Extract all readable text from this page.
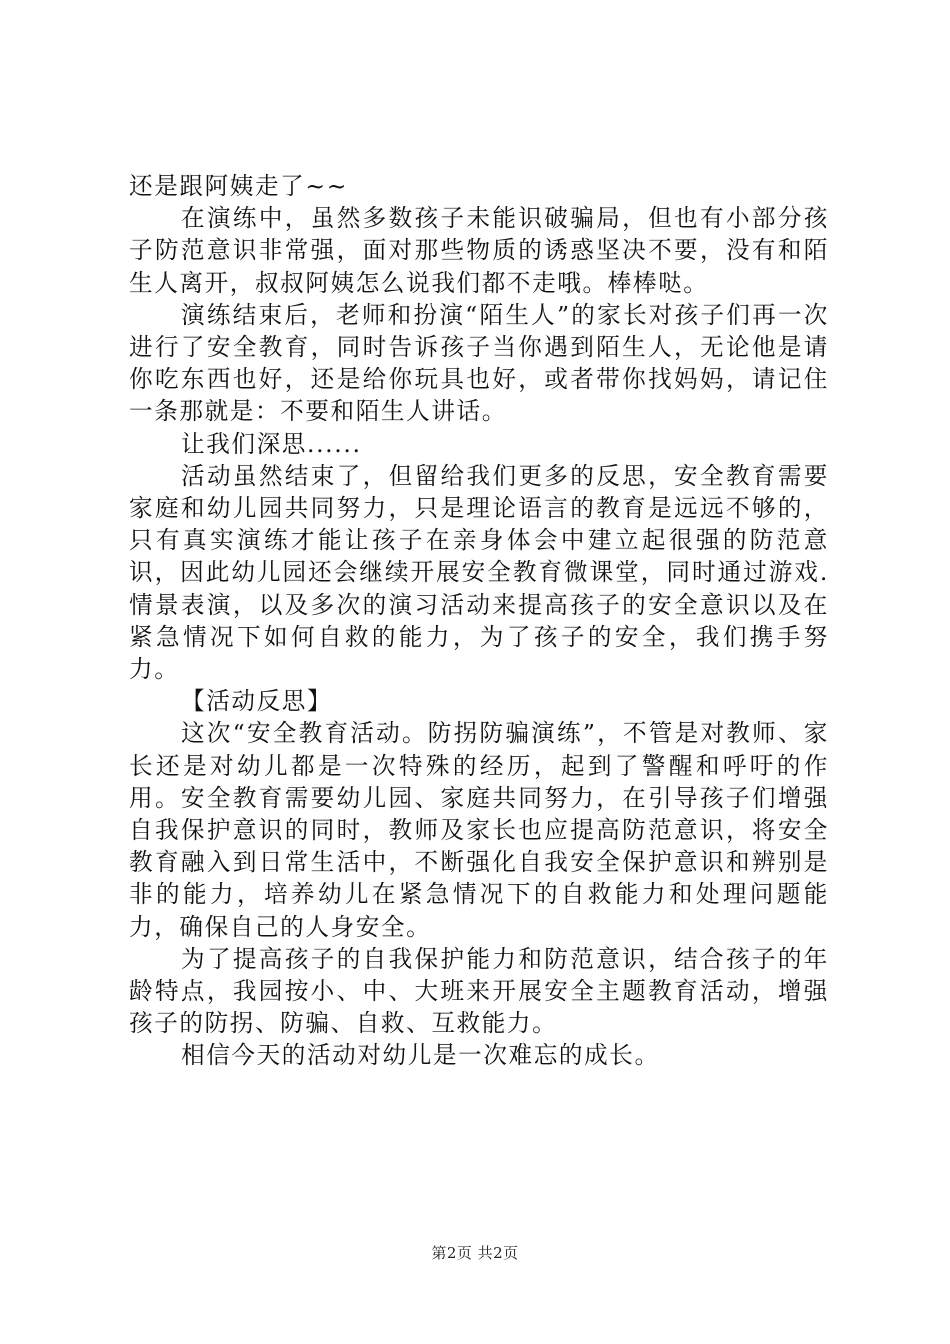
还是跟阿姨走了~~

在演练中，虽然多数孩子未能识破骗局，但也有小部分孩子防范意识非常强，面对那些物质的诱惑坚决不要，没有和陌生人离开，叔叔阿姨怎么说我们都不走哦。棒棒哒。

演练结束后，老师和扮演“陌生人”的家长对孩子们再一次进行了安全教育，同时告诉孩子当你遇到陌生人，无论他是请你吃东西也好，还是给你玩具也好，或者带你找妈妈，请记住一条那就是：不要和陌生人讲话。

让我们深思......

活动虽然结束了，但留给我们更多的反思，安全教育需要家庭和幼儿园共同努力，只是理论语言的教育是远远不够的，只有真实演练才能让孩子在亲身体会中建立起很强的防范意识，因此幼儿园还会继续开展安全教育微课堂，同时通过游戏.情景表演，以及多次的演习活动来提高孩子的安全意识以及在紧急情况下如何自救的能力，为了孩子的安全，我们携手努力。

【活动反思】

这次“安全教育活动。防拐防骗演练”，不管是对教师、家长还是对幼儿都是一次特殊的经历，起到了警醒和呼吁的作用。安全教育需要幼儿园、家庭共同努力，在引导孩子们增强自我保护意识的同时，教师及家长也应提高防范意识，将安全教育融入到日常生活中，不断强化自我安全保护意识和辨别是非的能力，培养幼儿在紧急情况下的自救能力和处理问题能力，确保自己的人身安全。

为了提高孩子的自我保护能力和防范意识，结合孩子的年龄特点，我园按小、中、大班来开展安全主题教育活动，增强孩子的防拐、防骗、自救、互救能力。

相信今天的活动对幼儿是一次难忘的成长。

第2页 共2页
